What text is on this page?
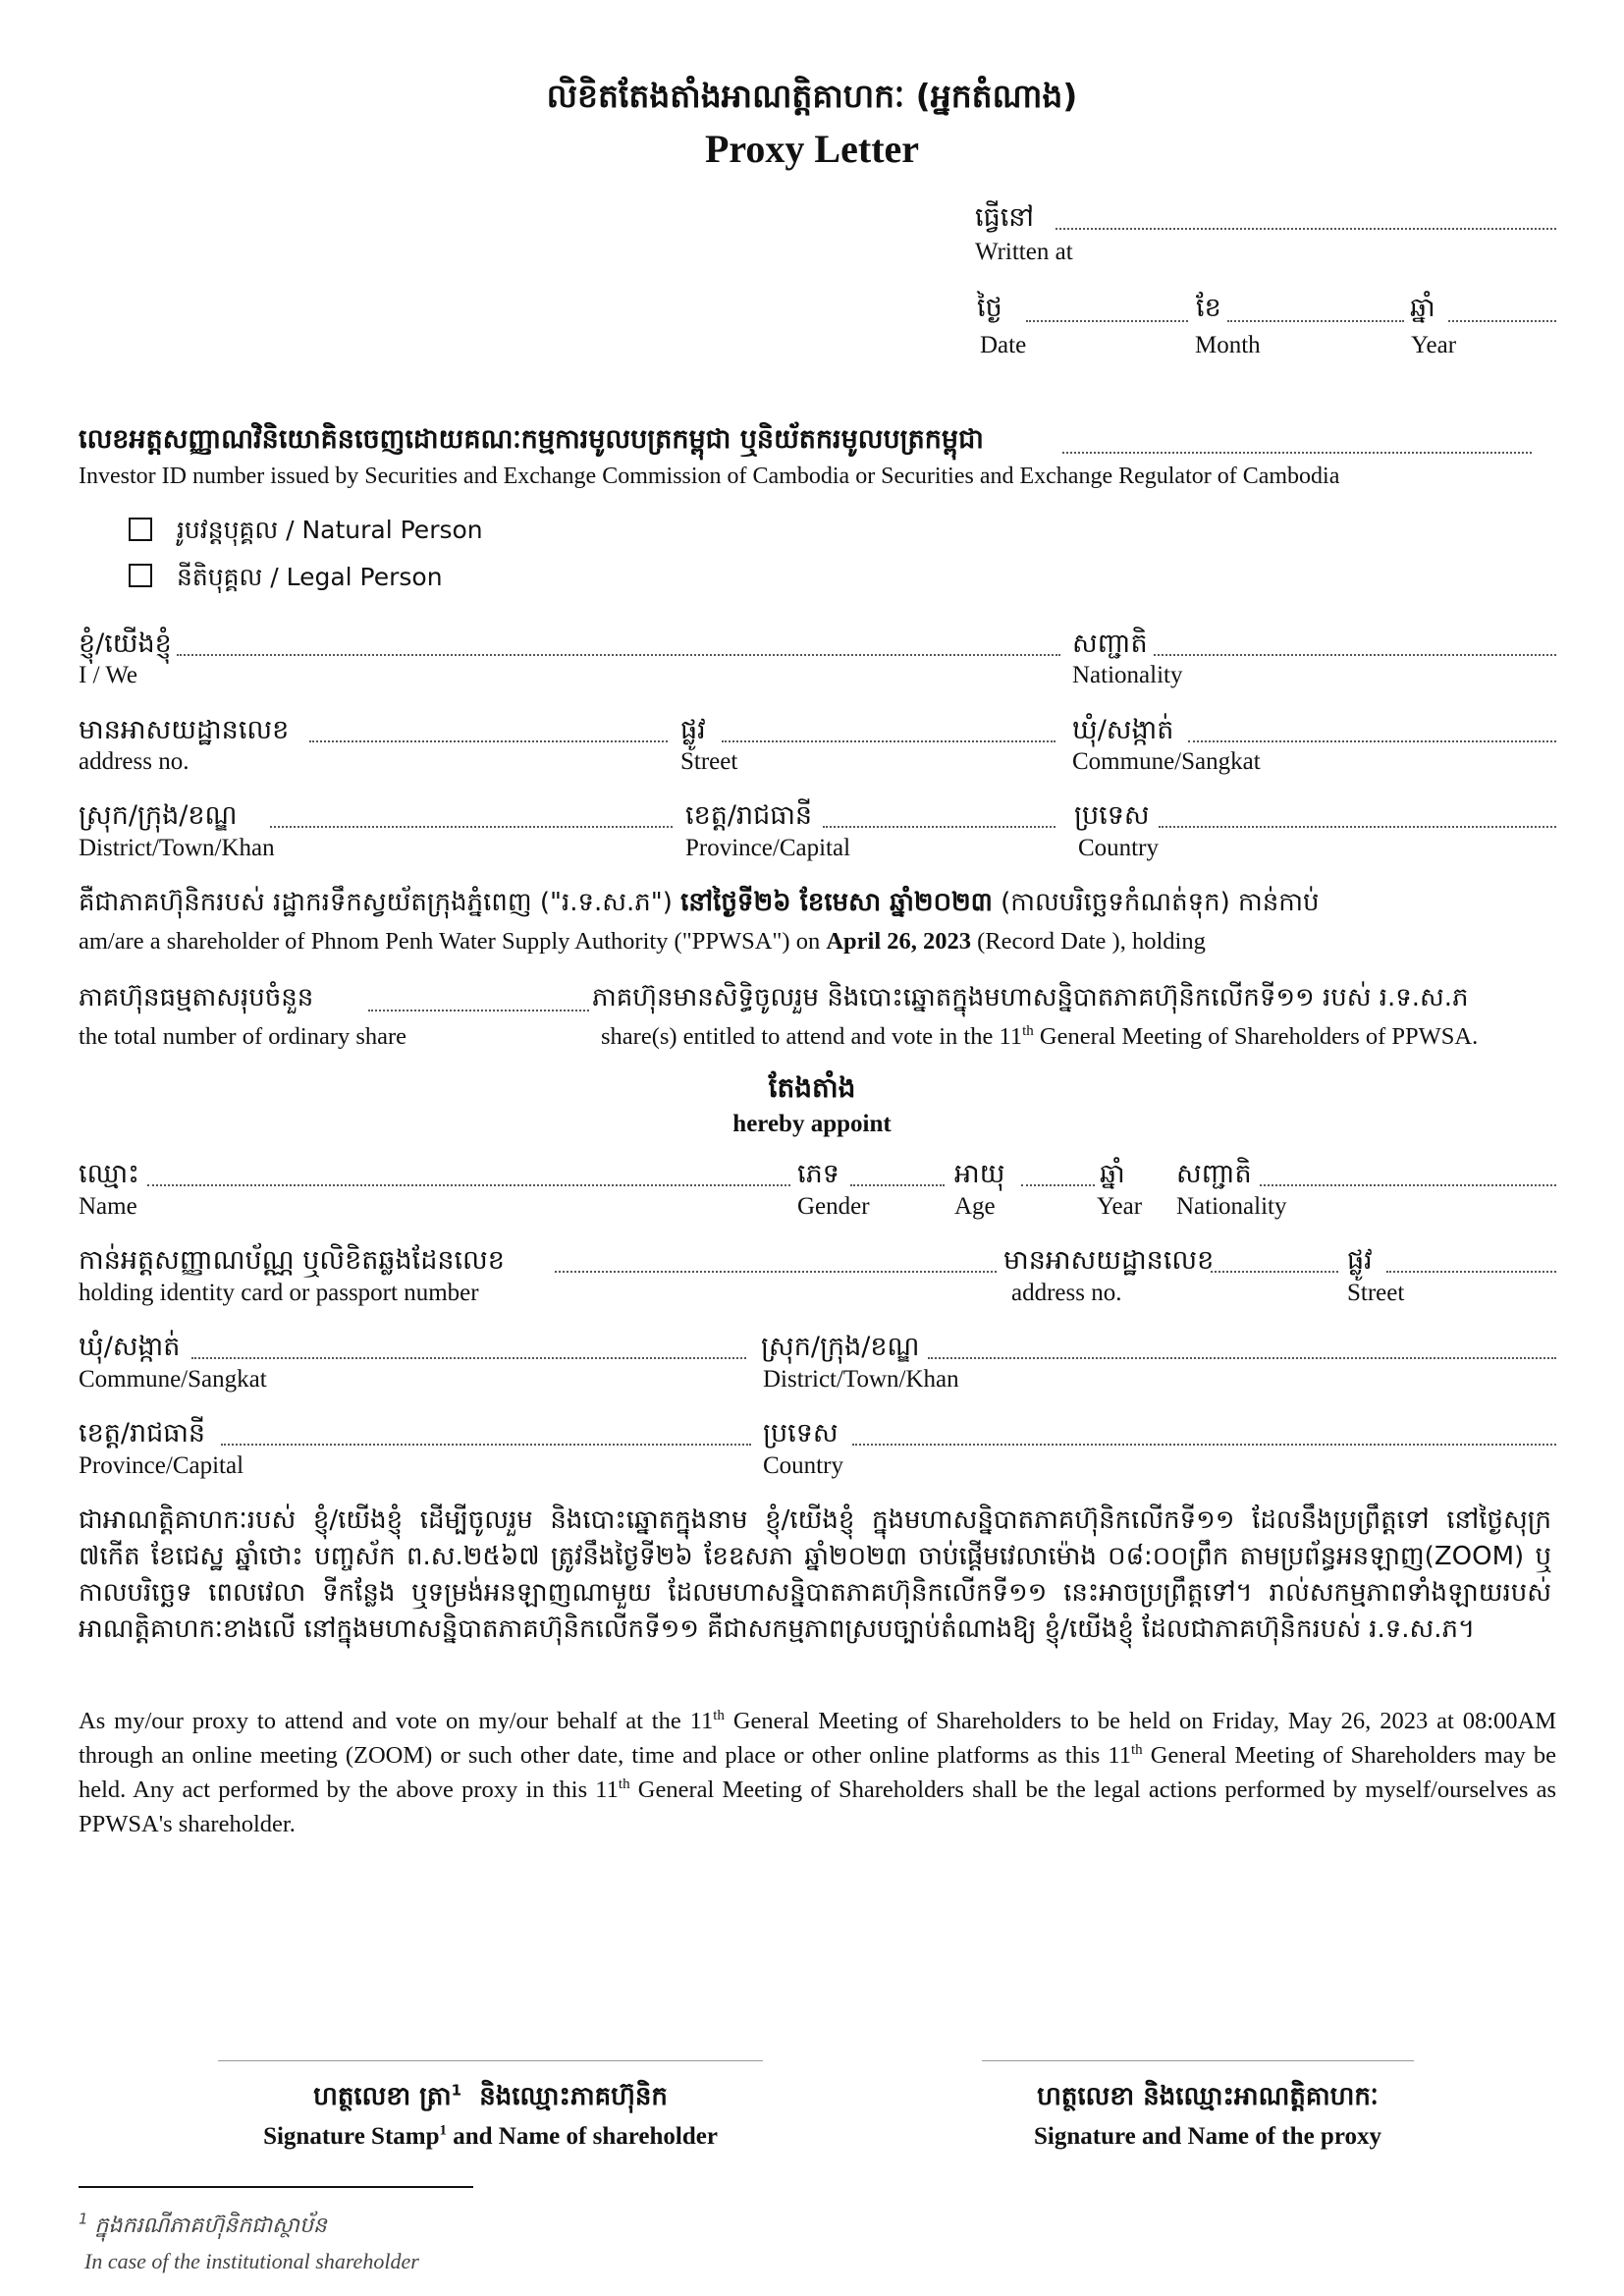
លិខិតតែងតាំងអាណត្តិគាហកៈ (អ្នកតំណាង)
Proxy Letter
ធ្វើនៅ
Written at
ថ្ងៃ	ខែ	ឆ្នាំ
Date	Month	Year
លេខអត្តសញ្ញាណវិនិយោគិនចេញដោយគណៈកម្មការមូលបត្រកម្ពុជា ឬនិយ័តករមូលបត្រកម្ពុជា
Investor ID number issued by Securities and Exchange Commission of Cambodia or Securities and Exchange Regulator of Cambodia
រូបវន្តបុគ្គល / Natural Person
នីតិបុគ្គល / Legal Person
ខ្ញុំ/យើងខ្ញុំ
I / We
សញ្ជាតិ
Nationality
មានអាសយដ្ឋានលេខ
address no.
ផ្លូវ
Street
ឃុំ/សង្កាត់
Commune/Sangkat
ស្រុក/ក្រុង/ខណ្ឌ
District/Town/Khan
ខេត្ត/រាជធានី
Province/Capital
ប្រទេស
Country
គឺជាភាគហ៊ុនិករបស់ រដ្ឋាករទឹកស្វយ័តក្រុងភ្នំពេញ ("រ.ទ.ស.ភ") នៅថ្ងៃទី២៦ ខែមេសា ឆ្នាំ២០២៣ (កាលបរិច្ឆេទកំណត់ទុក) កាន់កាប់
am/are a shareholder of Phnom Penh Water Supply Authority ("PPWSA") on April 26, 2023 (Record Date ), holding
ភាគហ៊ុនធម្មតាសរុបចំនួន	ភាគហ៊ុនមានសិទ្ធិចូលរួម និងបោះឆ្នោតក្នុងមហាសន្និបាតភាគហ៊ុនិកលើកទី១១ របស់ រ.ទ.ស.ភ
the total number of ordinary share	share(s) entitled to attend and vote in the 11th General Meeting of Shareholders of PPWSA.
តែងតាំង
hereby appoint
ឈ្មោះ
Name
ភេទ
Gender
អាយុ
Age
ឆ្នាំ
Year
សញ្ជាតិ
Nationality
កាន់អត្តសញ្ញាណប័ណ្ណ ឬលិខិតឆ្លងដែនលេខ
holding identity card or passport number
មានអាសយដ្ឋានលេខ
address no.
ផ្លូវ
Street
ឃុំ/សង្កាត់
Commune/Sangkat
ស្រុក/ក្រុង/ខណ្ឌ
District/Town/Khan
ខេត្ត/រាជធានី
Province/Capital
ប្រទេស
Country
ជាអាណត្តិគាហកៈរបស់ ខ្ញុំ/យើងខ្ញុំ ដើម្បីចូលរួម និងបោះឆ្នោតក្នុងនាម ខ្ញុំ/យើងខ្ញុំ ក្នុងមហាសន្និបាតភាគហ៊ុនិកលើកទី១១ ដែលនឹងប្រព្រឹត្តទៅ នៅថ្ងៃសុក្រ ៧កើត ខែជេស្ឋ ឆ្នាំថោះ បញ្ចស័ក ព.ស.២៥៦៧ ត្រូវនឹងថ្ងៃទី២៦ ខែឧសភា ឆ្នាំ២០២៣ ចាប់ផ្ដើមវេលាម៉ោង ០៨:០០ព្រឹក តាមប្រព័ន្ធអនឡាញ(ZOOM) ឬកាលបរិច្ឆេទ ពេលវេលា ទីកន្លែង ឬទម្រង់អនឡាញណាមួយ ដែលមហាសន្និបាតភាគហ៊ុនិកលើកទី១១ នេះអាចប្រព្រឹត្តទៅ។ រាល់សកម្មភាពទាំងឡាយរបស់អាណត្តិគាហកៈខាងលើ នៅក្នុងមហាសន្និបាតភាគហ៊ុនិកលើកទី១១ គឺជាសកម្មភាពស្របច្បាប់តំណាងឱ្យ ខ្ញុំ/យើងខ្ញុំ ដែលជាភាគហ៊ុនិករបស់ រ.ទ.ស.ភ។
As my/our proxy to attend and vote on my/our behalf at the 11th General Meeting of Shareholders to be held on Friday, May 26, 2023 at 08:00AM through an online meeting (ZOOM) or such other date, time and place or other online platforms as this 11th General Meeting of Shareholders may be held. Any act performed by the above proxy in this 11th General Meeting of Shareholders shall be the legal actions performed by myself/ourselves as PPWSA's shareholder.
ហត្ថលេខា ត្រា$^1$ និងឈ្មោះភាគហ៊ុនិក
Signature Stamp$^1$ and Name of shareholder
ហត្ថលេខា និងឈ្មោះអាណត្តិគាហកៈ
Signature and Name of the proxy
$^1$ ក្នុងករណីភាគហ៊ុនិកជាស្ថាប័ន
In case of the institutional shareholder
